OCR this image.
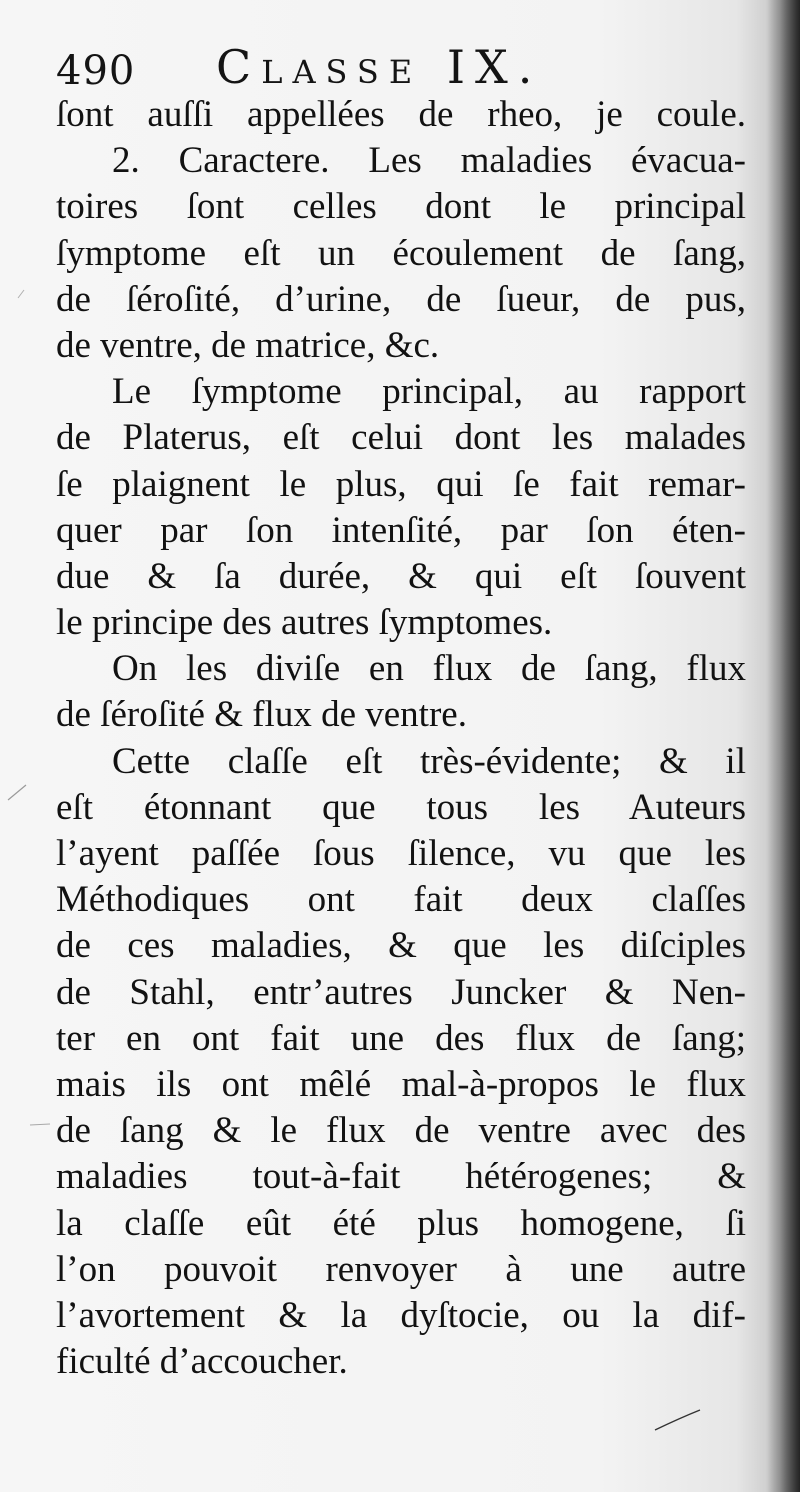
490 Classe IX.
ſont auſſi appellées de rheo, je coule.
2. Caractere. Les maladies évacua-
toires ſont celles dont le principal
ſymptome eſt un écoulement de ſang,
de ſéroſité, d’urine, de ſueur, de pus,
de ventre, de matrice, &c.
Le ſymptome principal, au rapport
de Platerus, eſt celui dont les malades
ſe plaignent le plus, qui ſe fait remar-
quer par ſon intenſité, par ſon éten-
due & ſa durée, & qui eſt ſouvent
le principe des autres ſymptomes.
On les diviſe en flux de ſang, flux
de ſéroſité & flux de ventre.
Cette claſſe eſt très-évidente; & il
eſt étonnant que tous les Auteurs
l’ayent paſſée ſous ſilence, vu que les
Méthodiques ont fait deux claſſes
de ces maladies, & que les diſciples
de Stahl, entr’autres Juncker & Nen-
ter en ont fait une des flux de ſang;
mais ils ont mêlé mal-à-propos le flux
de ſang & le flux de ventre avec des
maladies tout-à-fait hétérogenes; &
la claſſe eût été plus homogene, ſi
l’on pouvoit renvoyer à une autre
l’avortement & la dyſtocie, ou la dif-
ficulté d’accoucher.
